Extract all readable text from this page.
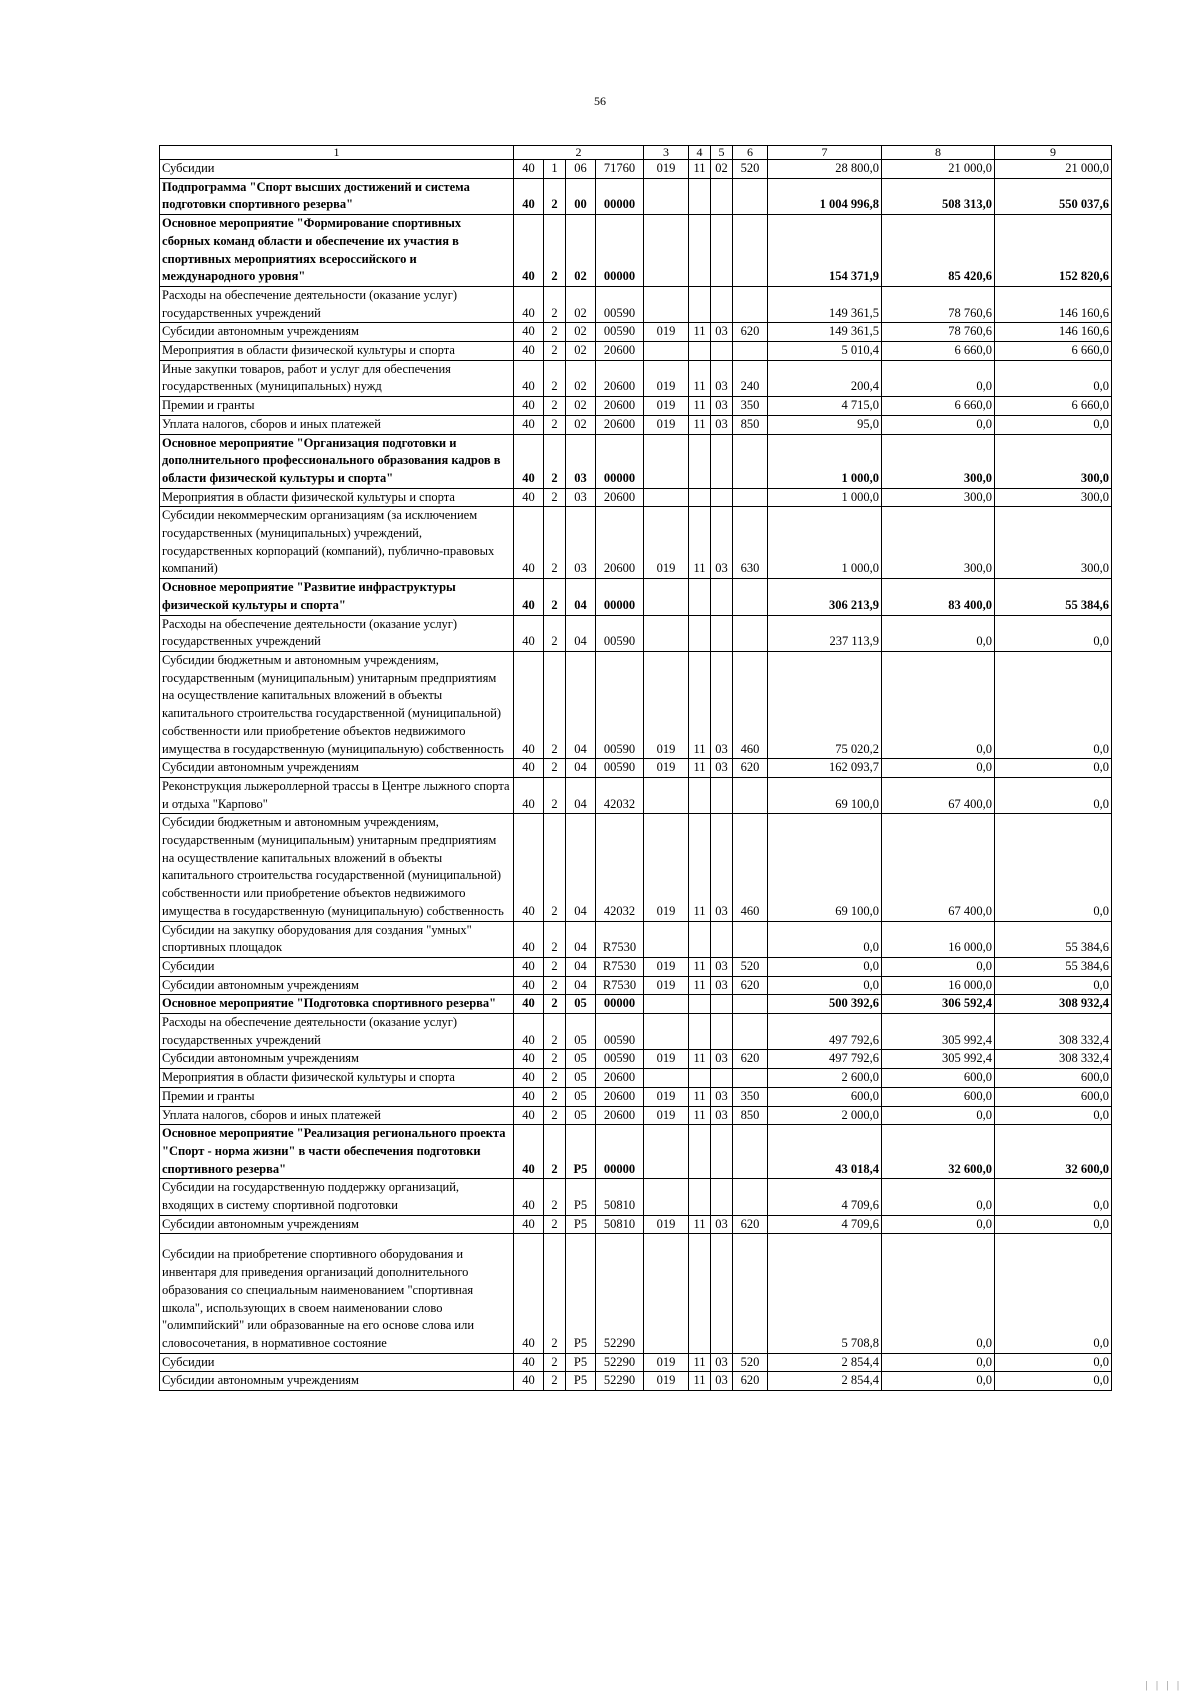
56
1	2				3	4	5	6	7	8	9
Субсидии	40	1	06	71760	019	11	02	520	28 800,0	21 000,0	21 000,0
Подпрограмма "Спорт высших достижений и система подготовки спортивного резерва"	40	2	00	00000					1 004 996,8	508 313,0	550 037,6
Основное мероприятие "Формирование спортивных сборных команд области и обеспечение их участия в спортивных мероприятиях всероссийского и международного уровня"	40	2	02	00000					154 371,9	85 420,6	152 820,6
Расходы на обеспечение деятельности (оказание услуг) государственных учреждений	40	2	02	00590					149 361,5	78 760,6	146 160,6
Субсидии автономным учреждениям	40	2	02	00590	019	11	03	620	149 361,5	78 760,6	146 160,6
Мероприятия в области физической культуры и спорта	40	2	02	20600					5 010,4	6 660,0	6 660,0
Иные закупки товаров, работ и услуг для обеспечения государственных (муниципальных) нужд	40	2	02	20600	019	11	03	240	200,4	0,0	0,0
Премии и гранты	40	2	02	20600	019	11	03	350	4 715,0	6 660,0	6 660,0
Уплата налогов, сборов и иных платежей	40	2	02	20600	019	11	03	850	95,0	0,0	0,0
Основное мероприятие "Организация подготовки и дополнительного профессионального образования кадров в области физической культуры и спорта"	40	2	03	00000					1 000,0	300,0	300,0
Мероприятия в области физической культуры и спорта	40	2	03	20600					1 000,0	300,0	300,0
Субсидии некоммерческим организациям (за исключением государственных (муниципальных) учреждений, государственных корпораций (компаний), публично-правовых компаний)	40	2	03	20600	019	11	03	630	1 000,0	300,0	300,0
Основное мероприятие "Развитие инфраструктуры физической культуры и спорта"	40	2	04	00000					306 213,9	83 400,0	55 384,6
Расходы на обеспечение деятельности (оказание услуг) государственных учреждений	40	2	04	00590					237 113,9	0,0	0,0
Субсидии бюджетным и автономным учреждениям, государственным (муниципальным) унитарным предприятиям на осуществление капитальных вложений в объекты капитального строительства государственной (муниципальной) собственности или приобретение объектов недвижимого имущества в государственную (муниципальную) собственность	40	2	04	00590	019	11	03	460	75 020,2	0,0	0,0
Субсидии автономным учреждениям	40	2	04	00590	019	11	03	620	162 093,7	0,0	0,0
Реконструкция лыжероллерной трассы в Центре лыжного спорта и отдыха "Карпово"	40	2	04	42032					69 100,0	67 400,0	0,0
Субсидии бюджетным и автономным учреждениям, государственным (муниципальным) унитарным предприятиям на осуществление капитальных вложений в объекты капитального строительства государственной (муниципальной) собственности или приобретение объектов недвижимого имущества в государственную (муниципальную) собственность	40	2	04	42032	019	11	03	460	69 100,0	67 400,0	0,0
Субсидии на закупку оборудования для создания "умных" спортивных площадок	40	2	04	R7530					0,0	16 000,0	55 384,6
Субсидии	40	2	04	R7530	019	11	03	520	0,0	0,0	55 384,6
Субсидии автономным учреждениям	40	2	04	R7530	019	11	03	620	0,0	16 000,0	0,0
Основное мероприятие "Подготовка спортивного резерва"	40	2	05	00000					500 392,6	306 592,4	308 932,4
Расходы на обеспечение деятельности (оказание услуг) государственных учреждений	40	2	05	00590					497 792,6	305 992,4	308 332,4
Субсидии автономным учреждениям	40	2	05	00590	019	11	03	620	497 792,6	305 992,4	308 332,4
Мероприятия в области физической культуры и спорта	40	2	05	20600					2 600,0	600,0	600,0
Премии и гранты	40	2	05	20600	019	11	03	350	600,0	600,0	600,0
Уплата налогов, сборов и иных платежей	40	2	05	20600	019	11	03	850	2 000,0	0,0	0,0
Основное мероприятие "Реализация регионального проекта "Спорт - норма жизни" в части обеспечения подготовки спортивного резерва"	40	2	P5	00000					43 018,4	32 600,0	32 600,0
Субсидии на государственную поддержку организаций, входящих в систему спортивной подготовки	40	2	P5	50810					4 709,6	0,0	0,0
Субсидии автономным учреждениям	40	2	P5	50810	019	11	03	620	4 709,6	0,0	0,0
Субсидии на приобретение спортивного оборудования и инвентаря для приведения организаций дополнительного образования со специальным наименованием "спортивная школа", использующих в своем наименовании слово "олимпийский" или образованные на его основе слова или словосочетания, в нормативное состояние	40	2	P5	52290					5 708,8	0,0	0,0
Субсидии	40	2	P5	52290	019	11	03	520	2 854,4	0,0	0,0
Субсидии автономным учреждениям	40	2	P5	52290	019	11	03	620	2 854,4	0,0	0,0
| | | |
